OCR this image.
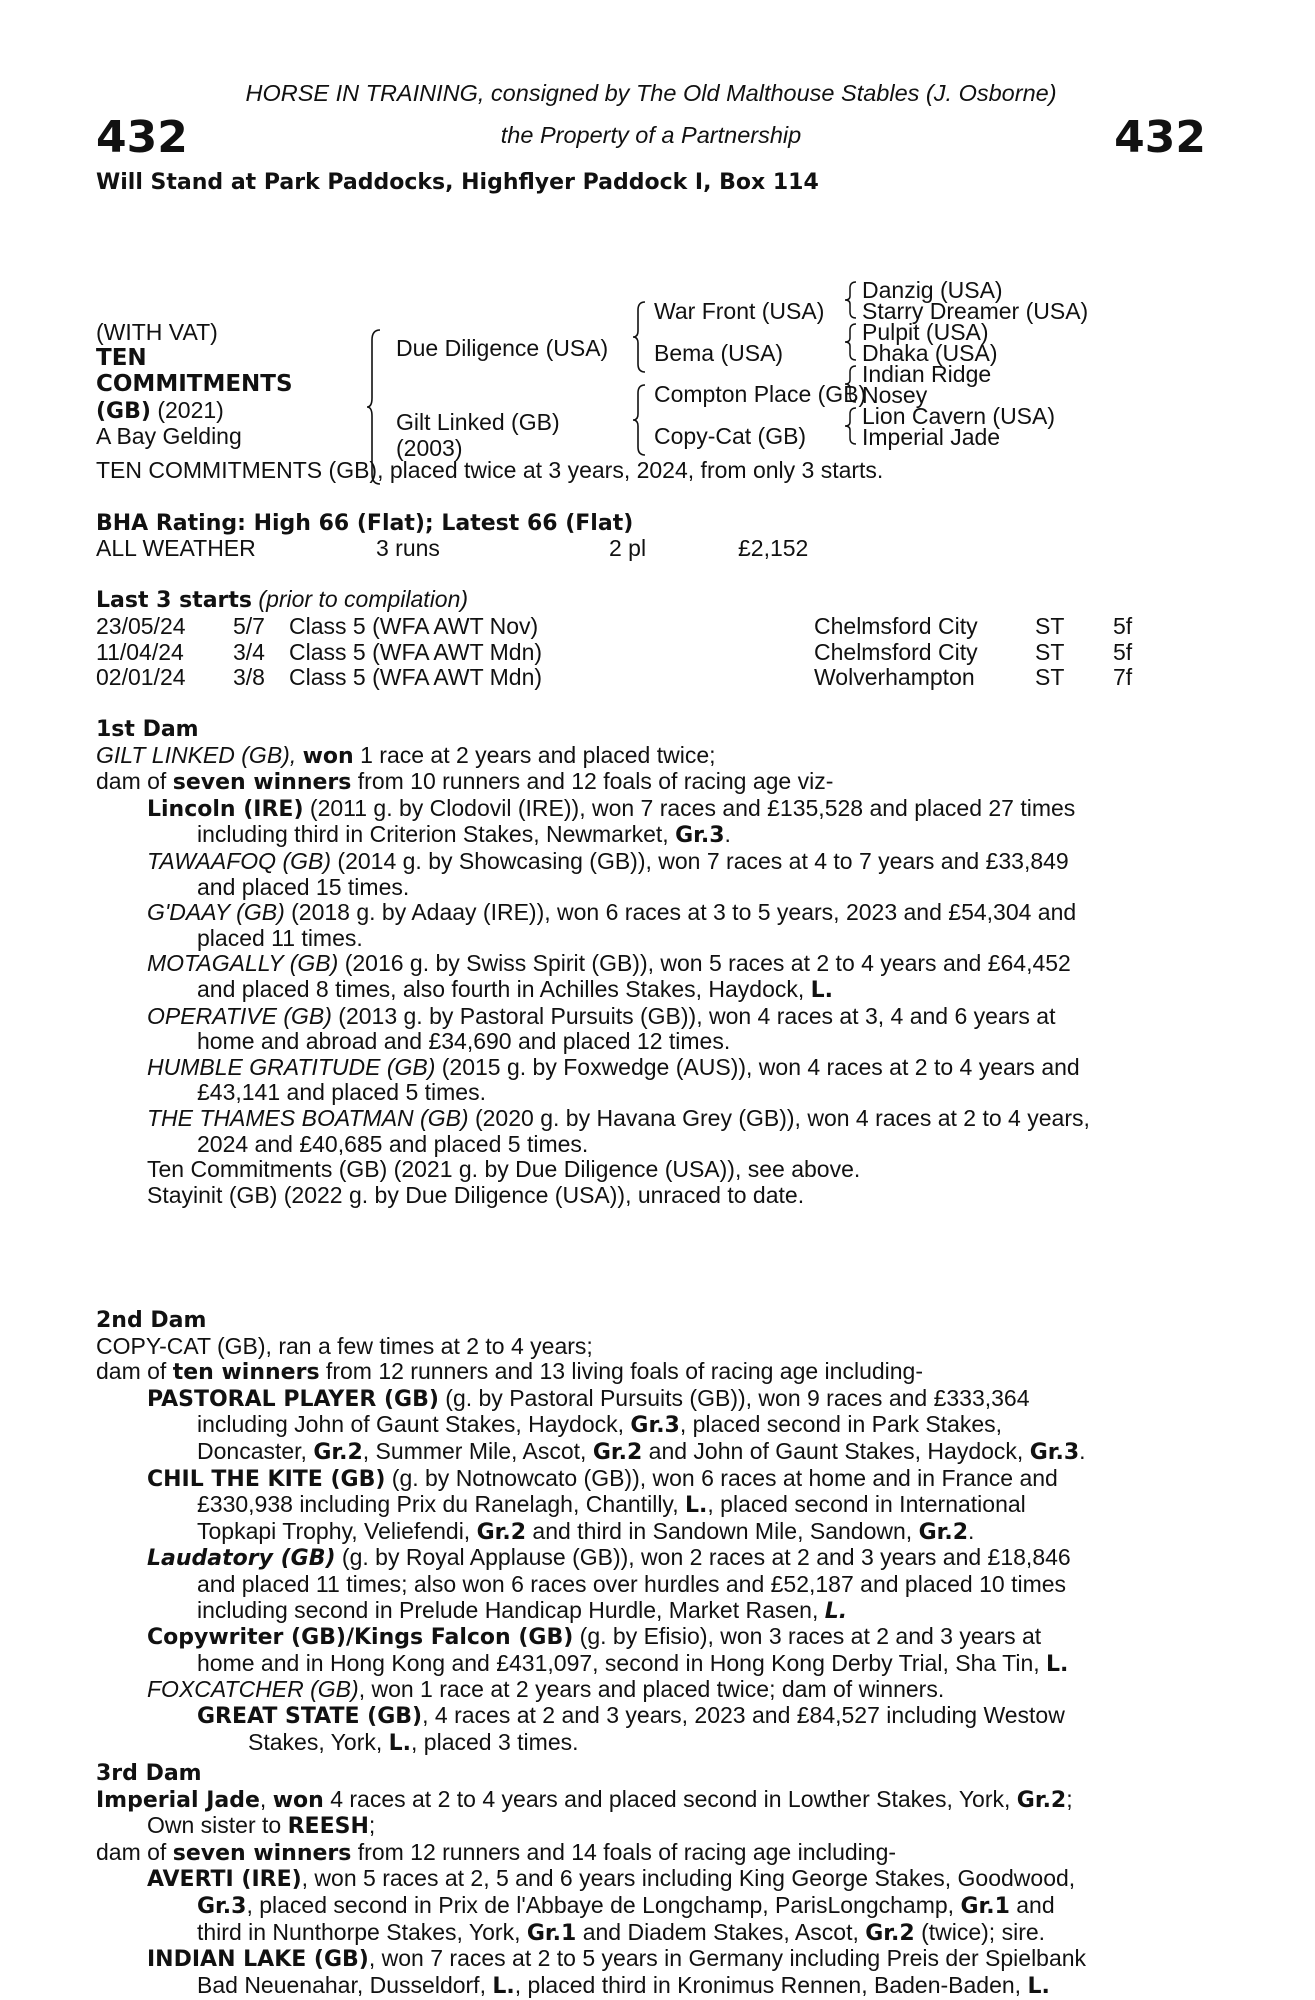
HORSE IN TRAINING, consigned by The Old Malthouse Stables (J. Osborne)
432	the Property of a Partnership	432
Will Stand at Park Paddocks, Highflyer Paddock I, Box 114
(WITH VAT)
TEN
COMMITMENTS
(GB) (2021)
A Bay Gelding
Due Diligence (USA)
Gilt Linked (GB)
(2003)
War Front (USA)
Bema (USA)
Compton Place (GB)
Copy-Cat (GB)
Danzig (USA)
Starry Dreamer (USA)
Pulpit (USA)
Dhaka (USA)
Indian Ridge
Nosey
Lion Cavern (USA)
Imperial Jade
TEN COMMITMENTS (GB), placed twice at 3 years, 2024, from only 3 starts.
BHA Rating: High 66 (Flat); Latest 66 (Flat)
ALL WEATHER	3 runs	2 pl	£2,152
Last 3 starts (prior to compilation)
23/05/24 5/7 Class 5 (WFA AWT Nov)	Chelmsford City ST 5f
11/04/24 3/4 Class 5 (WFA AWT Mdn)	Chelmsford City ST 5f
02/01/24 3/8 Class 5 (WFA AWT Mdn)	Wolverhampton	ST 7f
1st Dam
GILT LINKED (GB), won 1 race at 2 years and placed twice;
dam of seven winners from 10 runners and 12 foals of racing age viz-
Lincoln (IRE) (2011 g. by Clodovil (IRE)), won 7 races and £135,528 and placed 27 times
including third in Criterion Stakes, Newmarket, Gr.3.
TAWAAFOQ (GB) (2014 g. by Showcasing (GB)), won 7 races at 4 to 7 years and £33,849
and placed 15 times.
G'DAAY (GB) (2018 g. by Adaay (IRE)), won 6 races at 3 to 5 years, 2023 and £54,304 and
placed 11 times.
MOTAGALLY (GB) (2016 g. by Swiss Spirit (GB)), won 5 races at 2 to 4 years and £64,452
and placed 8 times, also fourth in Achilles Stakes, Haydock, L.
OPERATIVE (GB) (2013 g. by Pastoral Pursuits (GB)), won 4 races at 3, 4 and 6 years at
home and abroad and £34,690 and placed 12 times.
HUMBLE GRATITUDE (GB) (2015 g. by Foxwedge (AUS)), won 4 races at 2 to 4 years and
£43,141 and placed 5 times.
THE THAMES BOATMAN (GB) (2020 g. by Havana Grey (GB)), won 4 races at 2 to 4 years,
2024 and £40,685 and placed 5 times.
Ten Commitments (GB) (2021 g. by Due Diligence (USA)), see above.
Stayinit (GB) (2022 g. by Due Diligence (USA)), unraced to date.
2nd Dam
COPY-CAT (GB), ran a few times at 2 to 4 years;
dam of ten winners from 12 runners and 13 living foals of racing age including-
PASTORAL PLAYER (GB) (g. by Pastoral Pursuits (GB)), won 9 races and £333,364
including John of Gaunt Stakes, Haydock, Gr.3, placed second in Park Stakes,
Doncaster, Gr.2, Summer Mile, Ascot, Gr.2 and John of Gaunt Stakes, Haydock, Gr.3.
CHIL THE KITE (GB) (g. by Notnowcato (GB)), won 6 races at home and in France and
£330,938 including Prix du Ranelagh, Chantilly, L., placed second in International
Topkapi Trophy, Veliefendi, Gr.2 and third in Sandown Mile, Sandown, Gr.2.
Laudatory (GB) (g. by Royal Applause (GB)), won 2 races at 2 and 3 years and £18,846
and placed 11 times; also won 6 races over hurdles and £52,187 and placed 10 times
including second in Prelude Handicap Hurdle, Market Rasen, L.
Copywriter (GB)/Kings Falcon (GB) (g. by Efisio), won 3 races at 2 and 3 years at
home and in Hong Kong and £431,097, second in Hong Kong Derby Trial, Sha Tin, L.
FOXCATCHER (GB), won 1 race at 2 years and placed twice; dam of winners.
GREAT STATE (GB), 4 races at 2 and 3 years, 2023 and £84,527 including Westow
Stakes, York, L., placed 3 times.
3rd Dam
Imperial Jade, won 4 races at 2 to 4 years and placed second in Lowther Stakes, York, Gr.2;
Own sister to REESH;
dam of seven winners from 12 runners and 14 foals of racing age including-
AVERTI (IRE), won 5 races at 2, 5 and 6 years including King George Stakes, Goodwood,
Gr.3, placed second in Prix de l'Abbaye de Longchamp, ParisLongchamp, Gr.1 and
third in Nunthorpe Stakes, York, Gr.1 and Diadem Stakes, Ascot, Gr.2 (twice); sire.
INDIAN LAKE (GB), won 7 races at 2 to 5 years in Germany including Preis der Spielbank
Bad Neuenahar, Dusseldorf, L., placed third in Kronimus Rennen, Baden-Baden, L.
